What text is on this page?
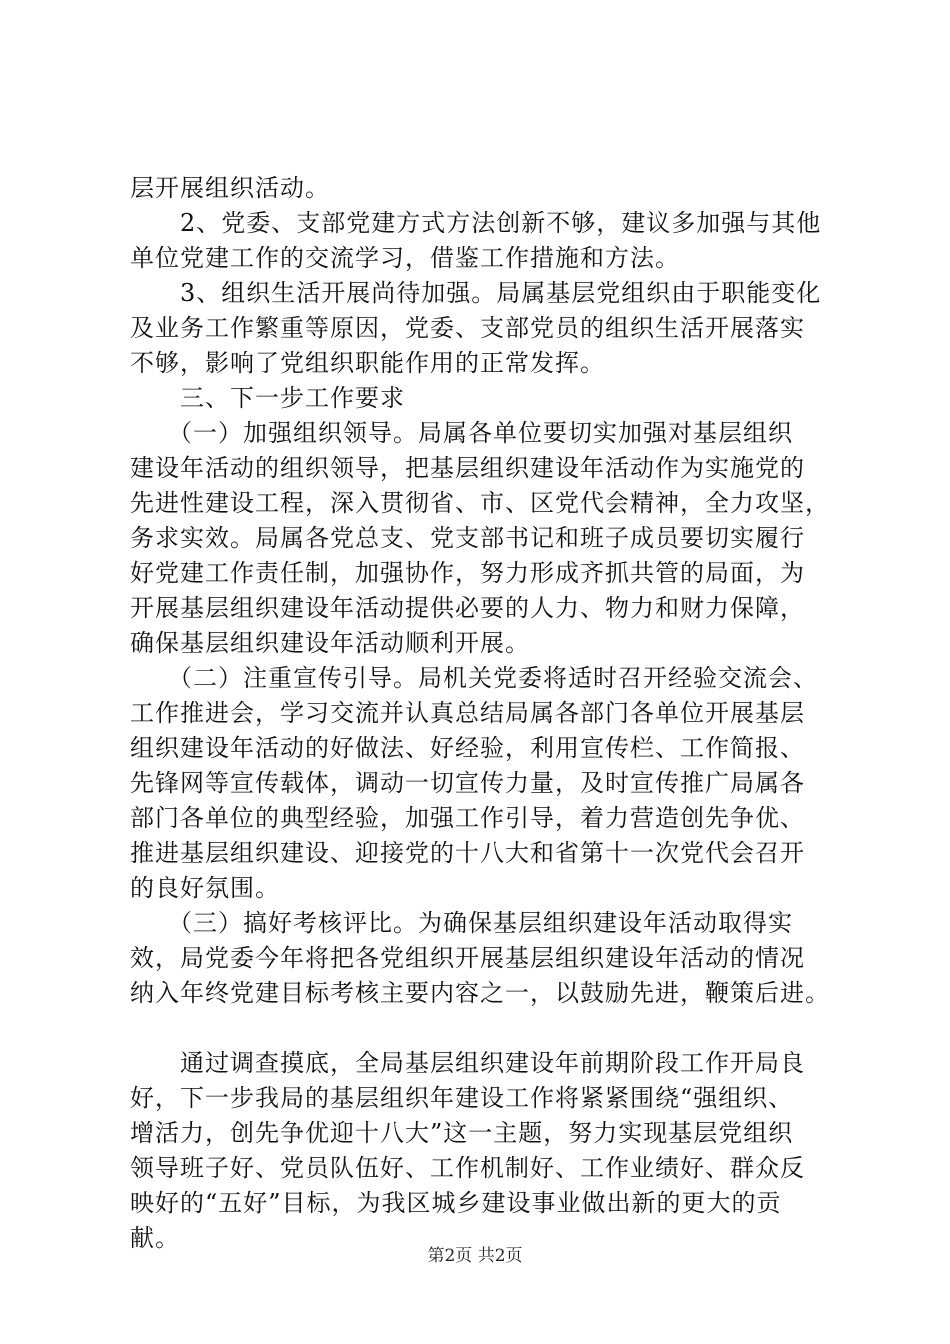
层开展组织活动。
　　2、党委、支部党建方式方法创新不够，建议多加强与其他
单位党建工作的交流学习，借鉴工作措施和方法。
　　3、组织生活开展尚待加强。局属基层党组织由于职能变化
及业务工作繁重等原因，党委、支部党员的组织生活开展落实
不够，影响了党组织职能作用的正常发挥。
　　三、下一步工作要求
　　（一）加强组织领导。局属各单位要切实加强对基层组织
建设年活动的组织领导，把基层组织建设年活动作为实施党的
先进性建设工程，深入贯彻省、市、区党代会精神，全力攻坚，
务求实效。局属各党总支、党支部书记和班子成员要切实履行
好党建工作责任制，加强协作，努力形成齐抓共管的局面，为
开展基层组织建设年活动提供必要的人力、物力和财力保障，
确保基层组织建设年活动顺利开展。
　　（二）注重宣传引导。局机关党委将适时召开经验交流会、
工作推进会，学习交流并认真总结局属各部门各单位开展基层
组织建设年活动的好做法、好经验，利用宣传栏、工作简报、
先锋网等宣传载体，调动一切宣传力量，及时宣传推广局属各
部门各单位的典型经验，加强工作引导，着力营造创先争优、
推进基层组织建设、迎接党的十八大和省第十一次党代会召开
的良好氛围。
　　（三）搞好考核评比。为确保基层组织建设年活动取得实
效，局党委今年将把各党组织开展基层组织建设年活动的情况
纳入年终党建目标考核主要内容之一，以鼓励先进，鞭策后进。
　　通过调查摸底，全局基层组织建设年前期阶段工作开局良
好，下一步我局的基层组织年建设工作将紧紧围绕“强组织、
增活力，创先争优迎十八大”这一主题，努力实现基层党组织
领导班子好、党员队伍好、工作机制好、工作业绩好、群众反
映好的“五好”目标，为我区城乡建设事业做出新的更大的贡
献。
第2页 共2页
